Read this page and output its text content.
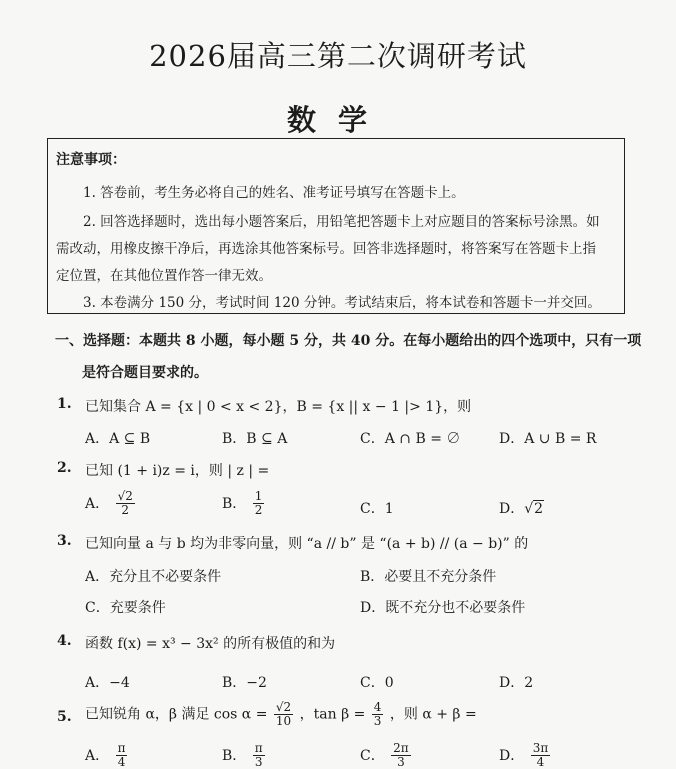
2026届高三第二次调研考试
数学
注意事项：
1. 答卷前，考生务必将自己的姓名、准考证号填写在答题卡上。
2. 回答选择题时，选出每小题答案后，用铅笔把答题卡上对应题目的答案标号涂黑。如
需改动，用橡皮擦干净后，再选涂其他答案标号。回答非选择题时，将答案写在答题卡上指
定位置，在其他位置作答一律无效。
3. 本卷满分 150 分，考试时间 120 分钟。考试结束后，将本试卷和答题卡一并交回。
一、选择题：本题共 8 小题，每小题 5 分，共 40 分。在每小题给出的四个选项中，只有一项
是符合题目要求的。
1. 已知集合 A = {x | 0 < x < 2}，B = {x || x − 1 |> 1}，则
A．A ⊆ B	B．B ⊆ A	C．A ∩ B = ∅	D．A ∪ B = R
2. 已知 (1 + i)z = i，则 | z | =
A． $\frac{√2}{2}$	B． $\frac{1}{2}$	C．1	D．√2
3. 已知向量 a 与 b 均为非零向量，则 “a // b” 是 “(a + b) // (a − b)” 的
A．充分且不必要条件	B．必要且不充分条件
C．充要条件	D．既不充分也不必要条件
4. 函数 f(x) = x³ − 3x² 的所有极值的和为
A．−4	B．−2	C．0	D．2
5. 已知锐角 α，β 满足 $\cos \alpha = \frac{√2}{10}$ ，$\tan \beta = \frac{4}{3}$ ，则 α + β =
A． $\frac{\pi}{4}$	B． $\frac{\pi}{3}$	C． $\frac{2\pi}{3}$	D． $\frac{3\pi}{4}$
